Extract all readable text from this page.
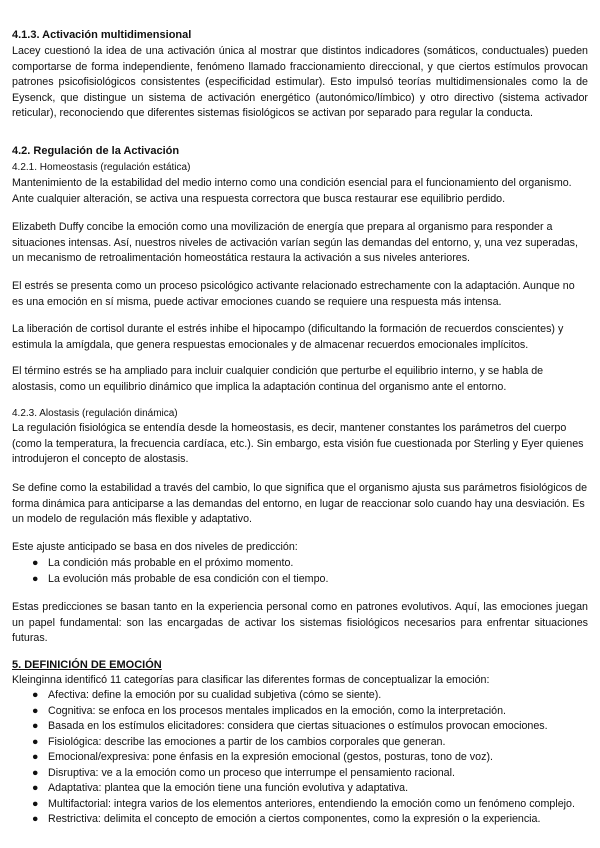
4.1.3. Activación multidimensional

Lacey cuestionó la idea de una activación única al mostrar que distintos indicadores (somáticos, conductuales) pueden comportarse de forma independiente, fenómeno llamado fraccionamiento direccional, y que ciertos estímulos provocan patrones psicofisiológicos consistentes (especificidad estimular). Esto impulsó teorías multidimensionales como la de Eysenck, que distingue un sistema de activación energético (autonómico/límbico) y otro directivo (sistema activador reticular), reconociendo que diferentes sistemas fisiológicos se activan por separado para regular la conducta.

4.2. Regulación de la Activación
4.2.1. Homeostasis (regulación estática)

Mantenimiento de la estabilidad del medio interno como una condición esencial para el funcionamiento del organismo. Ante cualquier alteración, se activa una respuesta correctora que busca restaurar ese equilibrio perdido.

Elizabeth Duffy concibe la emoción como una movilización de energía que prepara al organismo para responder a situaciones intensas. Así, nuestros niveles de activación varían según las demandas del entorno, y, una vez superadas, un mecanismo de retroalimentación homeostática restaura la activación a sus niveles anteriores.

El estrés se presenta como un proceso psicológico activante relacionado estrechamente con la adaptación. Aunque no es una emoción en sí misma, puede activar emociones cuando se requiere una respuesta más intensa.

La liberación de cortisol durante el estrés inhibe el hipocampo (dificultando la formación de recuerdos conscientes) y estimula la amígdala, que genera respuestas emocionales y de almacenar recuerdos emocionales implícitos.

El término estrés se ha ampliado para incluir cualquier condición que perturbe el equilibrio interno, y se habla de alostasis, como un equilibrio dinámico que implica la adaptación continua del organismo ante el entorno.

4.2.3. Alostasis (regulación dinámica)

La regulación fisiológica se entendía desde la homeostasis, es decir, mantener constantes los parámetros del cuerpo (como la temperatura, la frecuencia cardíaca, etc.). Sin embargo, esta visión fue cuestionada por Sterling y Eyer quienes introdujeron el concepto de alostasis.

Se define como la estabilidad a través del cambio, lo que significa que el organismo ajusta sus parámetros fisiológicos de forma dinámica para anticiparse a las demandas del entorno, en lugar de reaccionar solo cuando hay una desviación. Es un modelo de regulación más flexible y adaptativo.

Este ajuste anticipado se basa en dos niveles de predicción:

● La condición más probable en el próximo momento.
● La evolución más probable de esa condición con el tiempo.

Estas predicciones se basan tanto en la experiencia personal como en patrones evolutivos. Aquí, las emociones juegan un papel fundamental: son las encargadas de activar los sistemas fisiológicos necesarios para enfrentar situaciones futuras.

5. DEFINICIÓN DE EMOCIÓN

Kleinginna identificó 11 categorías para clasificar las diferentes formas de conceptualizar la emoción:

● Afectiva: define la emoción por su cualidad subjetiva (cómo se siente).
● Cognitiva: se enfoca en los procesos mentales implicados en la emoción, como la interpretación.
● Basada en los estímulos elicitadores: considera que ciertas situaciones o estímulos provocan emociones.
● Fisiológica: describe las emociones a partir de los cambios corporales que generan.
● Emocional/expresiva: pone énfasis en la expresión emocional (gestos, posturas, tono de voz).
● Disruptiva: ve a la emoción como un proceso que interrumpe el pensamiento racional.
● Adaptativa: plantea que la emoción tiene una función evolutiva y adaptativa.
● Multifactorial: integra varios de los elementos anteriores, entendiendo la emoción como un fenómeno complejo.
● Restrictiva: delimita el concepto de emoción a ciertos componentes, como la expresión o la experiencia.
